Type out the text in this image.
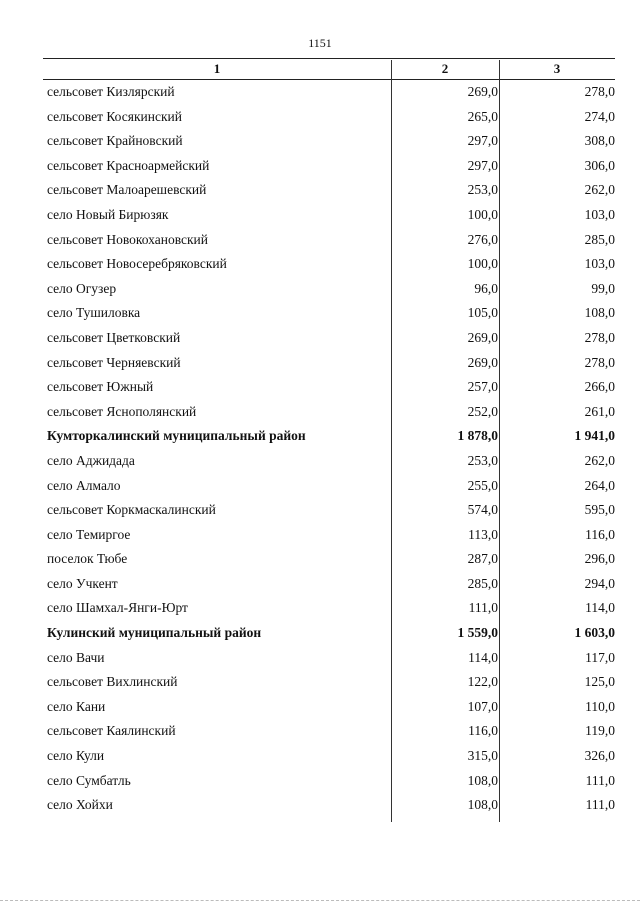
1151
1	2	3
сельсовет Кизлярский	269,0	278,0
сельсовет Косякинский	265,0	274,0
сельсовет Крайновский	297,0	308,0
сельсовет Красноармейский	297,0	306,0
сельсовет Малоарешевский	253,0	262,0
село Новый Бирюзяк	100,0	103,0
сельсовет Новокохановский	276,0	285,0
сельсовет Новосеребряковский	100,0	103,0
село Огузер	96,0	99,0
село Тушиловка	105,0	108,0
сельсовет Цветковский	269,0	278,0
сельсовет Черняевский	269,0	278,0
сельсовет Южный	257,0	266,0
сельсовет Яснополянский	252,0	261,0
Кумторкалинский муниципальный район	1 878,0	1 941,0
село Аджидада	253,0	262,0
село Алмало	255,0	264,0
сельсовет Коркмаскалинский	574,0	595,0
село Темиргое	113,0	116,0
поселок Тюбе	287,0	296,0
село Учкент	285,0	294,0
село Шамхал-Янги-Юрт	111,0	114,0
Кулинский муниципальный район	1 559,0	1 603,0
село Вачи	114,0	117,0
сельсовет Вихлинский	122,0	125,0
село Кани	107,0	110,0
сельсовет Каялинский	116,0	119,0
село Кули	315,0	326,0
село Сумбатль	108,0	111,0
село Хойхи	108,0	111,0
